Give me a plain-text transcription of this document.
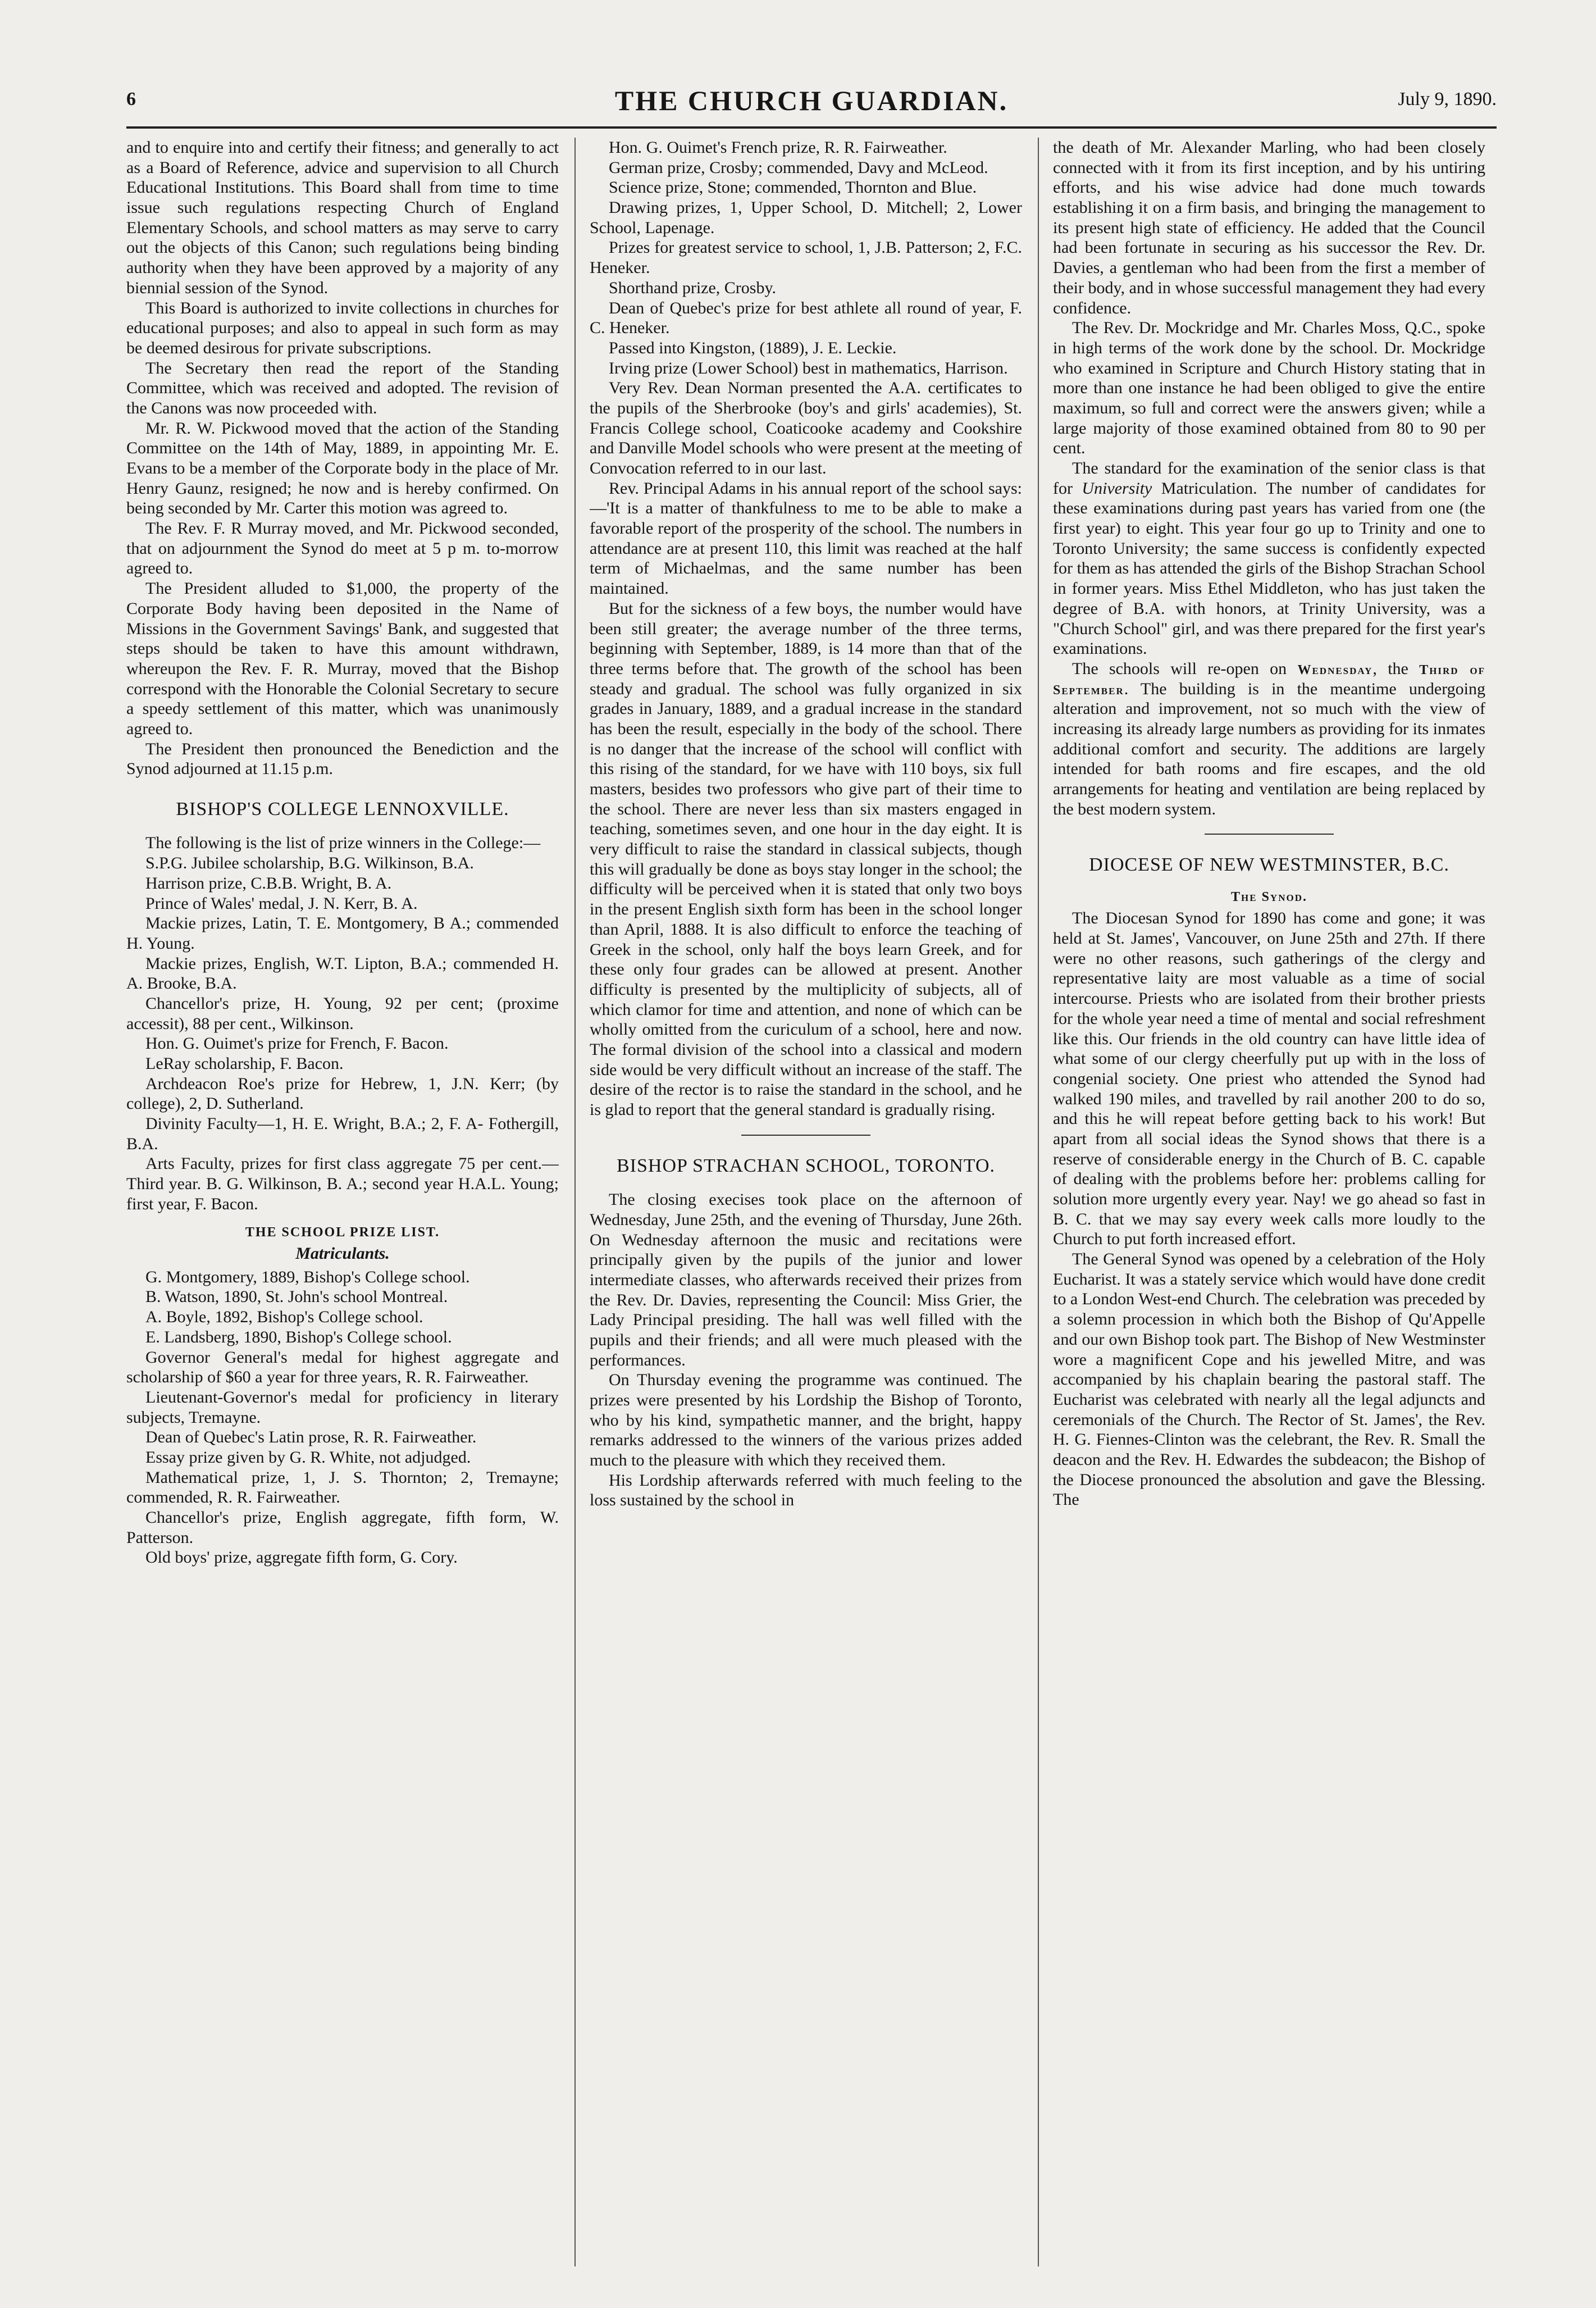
6	THE CHURCH GUARDIAN.	July 9, 1890.

and to enquire into and certify their fitness; and generally to act as a Board of Reference, advice and supervision to all Church Educational Institutions. This Board shall from time to time issue such regulations respecting Church of England Elementary Schools, and school matters as may serve to carry out the objects of this Canon; such regulations being binding authority when they have been approved by a majority of any biennial session of the Synod.

This Board is authorized to invite collections in churches for educational purposes; and also to appeal in such form as may be deemed desirous for private subscriptions.

The Secretary then read the report of the Standing Committee, which was received and adopted. The revision of the Canons was now proceeded with.

Mr. R. W. Pickwood moved that the action of the Standing Committee on the 14th of May, 1889, in appointing Mr. E. Evans to be a member of the Corporate body in the place of Mr. Henry Gaunz, resigned; he now and is hereby confirmed. On being seconded by Mr. Carter this motion was agreed to.

The Rev. F. R Murray moved, and Mr. Pickwood seconded, that on adjournment the Synod do meet at 5 p m. to-morrow agreed to.

The President alluded to $1,000, the property of the Corporate Body having been deposited in the Name of Missions in the Government Savings' Bank, and suggested that steps should be taken to have this amount withdrawn, whereupon the Rev. F. R. Murray, moved that the Bishop correspond with the Honorable the Colonial Secretary to secure a speedy settlement of this matter, which was unanimously agreed to.

The President then pronounced the Benediction and the Synod adjourned at 11.15 p.m.

BISHOP'S COLLEGE LENNOXVILLE.

The following is the list of prize winners in the College:—

S.P.G. Jubilee scholarship, B.G. Wilkinson, B.A.

Harrison prize, C.B.B. Wright, B. A.

Prince of Wales' medal, J. N. Kerr, B. A.

Mackie prizes, Latin, T. E. Montgomery, B A.; commended H. Young.

Mackie prizes, English, W.T. Lipton, B.A.; commended H. A. Brooke, B.A.

Chancellor's prize, H. Young, 92 per cent; (proxime accessit), 88 per cent., Wilkinson.

Hon. G. Ouimet's prize for French, F. Bacon.

LeRay scholarship, F. Bacon.

Archdeacon Roe's prize for Hebrew, 1, J.N. Kerr; (by college), 2, D. Sutherland.

Divinity Faculty—1, H. E. Wright, B.A.; 2, F. A- Fothergill, B.A.

Arts Faculty, prizes for first class aggregate 75 per cent.—Third year. B. G. Wilkinson, B. A.; second year H.A.L. Young; first year, F. Bacon.

THE SCHOOL PRIZE LIST.
Matriculants.

G. Montgomery, 1889, Bishop's College school.

B. Watson, 1890, St. John's school Montreal.

A. Boyle, 1892, Bishop's College school.

E. Landsberg, 1890, Bishop's College school.

Governor General's medal for highest aggregate and scholarship of $60 a year for three years, R. R. Fairweather.

Lieutenant-Governor's medal for proficiency in literary subjects, Tremayne.

Dean of Quebec's Latin prose, R. R. Fairweather.

Essay prize given by G. R. White, not adjudged.

Mathematical prize, 1, J. S. Thornton; 2, Tremayne; commended, R. R. Fairweather.

Chancellor's prize, English aggregate, fifth form, W. Patterson.

Old boys' prize, aggregate fifth form, G. Cory.

Hon. G. Ouimet's French prize, R. R. Fairweather.

German prize, Crosby; commended, Davy and McLeod.

Science prize, Stone; commended, Thornton and Blue.

Drawing prizes, 1, Upper School, D. Mitchell; 2, Lower School, Lapenage.

Prizes for greatest service to school, 1, J.B. Patterson; 2, F.C. Heneker.

Shorthand prize, Crosby.

Dean of Quebec's prize for best athlete all round of year, F. C. Heneker.

Passed into Kingston, (1889), J. E. Leckie.

Irving prize (Lower School) best in mathematics, Harrison.

Very Rev. Dean Norman presented the A.A. certificates to the pupils of the Sherbrooke (boy's and girls' academies), St. Francis College school, Coaticooke academy and Cookshire and Danville Model schools who were present at the meeting of Convocation referred to in our last.

Rev. Principal Adams in his annual report of the school says:—'It is a matter of thankfulness to me to be able to make a favorable report of the prosperity of the school. The numbers in attendance are at present 110, this limit was reached at the half term of Michaelmas, and the same number has been maintained.

But for the sickness of a few boys, the number would have been still greater; the average number of the three terms, beginning with September, 1889, is 14 more than that of the three terms before that. The growth of the school has been steady and gradual. The school was fully organized in six grades in January, 1889, and a gradual increase in the standard has been the result, especially in the body of the school. There is no danger that the increase of the school will conflict with this rising of the standard, for we have with 110 boys, six full masters, besides two professors who give part of their time to the school. There are never less than six masters engaged in teaching, sometimes seven, and one hour in the day eight. It is very difficult to raise the standard in classical subjects, though this will gradually be done as boys stay longer in the school; the difficulty will be perceived when it is stated that only two boys in the present English sixth form has been in the school longer than April, 1888. It is also difficult to enforce the teaching of Greek in the school, only half the boys learn Greek, and for these only four grades can be allowed at present. Another difficulty is presented by the multiplicity of subjects, all of which clamor for time and attention, and none of which can be wholly omitted from the curiculum of a school, here and now. The formal division of the school into a classical and modern side would be very difficult without an increase of the staff. The desire of the rector is to raise the standard in the school, and he is glad to report that the general standard is gradually rising.

BISHOP STRACHAN SCHOOL, TORONTO.

The closing execises took place on the afternoon of Wednesday, June 25th, and the evening of Thursday, June 26th. On Wednesday afternoon the music and recitations were principally given by the pupils of the junior and lower intermediate classes, who afterwards received their prizes from the Rev. Dr. Davies, representing the Council: Miss Grier, the Lady Principal presiding. The hall was well filled with the pupils and their friends; and all were much pleased with the performances.

On Thursday evening the programme was continued. The prizes were presented by his Lordship the Bishop of Toronto, who by his kind, sympathetic manner, and the bright, happy remarks addressed to the winners of the various prizes added much to the pleasure with which they received them.

His Lordship afterwards referred with much feeling to the loss sustained by the school in

the death of Mr. Alexander Marling, who had been closely connected with it from its first inception, and by his untiring efforts, and his wise advice had done much towards establishing it on a firm basis, and bringing the management to its present high state of efficiency. He added that the Council had been fortunate in securing as his successor the Rev. Dr. Davies, a gentleman who had been from the first a member of their body, and in whose successful management they had every confidence.

The Rev. Dr. Mockridge and Mr. Charles Moss, Q.C., spoke in high terms of the work done by the school. Dr. Mockridge who examined in Scripture and Church History stating that in more than one instance he had been obliged to give the entire maximum, so full and correct were the answers given; while a large majority of those examined obtained from 80 to 90 per cent.

The standard for the examination of the senior class is that for University Matriculation. The number of candidates for these examinations during past years has varied from one (the first year) to eight. This year four go up to Trinity and one to Toronto University; the same success is confidently expected for them as has attended the girls of the Bishop Strachan School in former years. Miss Ethel Middleton, who has just taken the degree of B.A. with honors, at Trinity University, was a "Church School" girl, and was there prepared for the first year's examinations.

The schools will re-open on Wednesday, the Third of September. The building is in the meantime undergoing alteration and improvement, not so much with the view of increasing its already large numbers as providing for its inmates additional comfort and security. The additions are largely intended for bath rooms and fire escapes, and the old arrangements for heating and ventilation are being replaced by the best modern system.

DIOCESE OF NEW WESTMINSTER, B.C.
The Synod.

The Diocesan Synod for 1890 has come and gone; it was held at St. James', Vancouver, on June 25th and 27th. If there were no other reasons, such gatherings of the clergy and representative laity are most valuable as a time of social intercourse. Priests who are isolated from their brother priests for the whole year need a time of mental and social refreshment like this. Our friends in the old country can have little idea of what some of our clergy cheerfully put up with in the loss of congenial society. One priest who attended the Synod had walked 190 miles, and travelled by rail another 200 to do so, and this he will repeat before getting back to his work! But apart from all social ideas the Synod shows that there is a reserve of considerable energy in the Church of B. C. capable of dealing with the problems before her: problems calling for solution more urgently every year. Nay! we go ahead so fast in B. C. that we may say every week calls more loudly to the Church to put forth increased effort.

The General Synod was opened by a celebration of the Holy Eucharist. It was a stately service which would have done credit to a London West-end Church. The celebration was preceded by a solemn procession in which both the Bishop of Qu'Appelle and our own Bishop took part. The Bishop of New Westminster wore a magnificent Cope and his jewelled Mitre, and was accompanied by his chaplain bearing the pastoral staff. The Eucharist was celebrated with nearly all the legal adjuncts and ceremonials of the Church. The Rector of St. James', the Rev. H. G. Fiennes-Clinton was the celebrant, the Rev. R. Small the deacon and the Rev. H. Edwardes the subdeacon; the Bishop of the Diocese pronounced the absolution and gave the Blessing. The
